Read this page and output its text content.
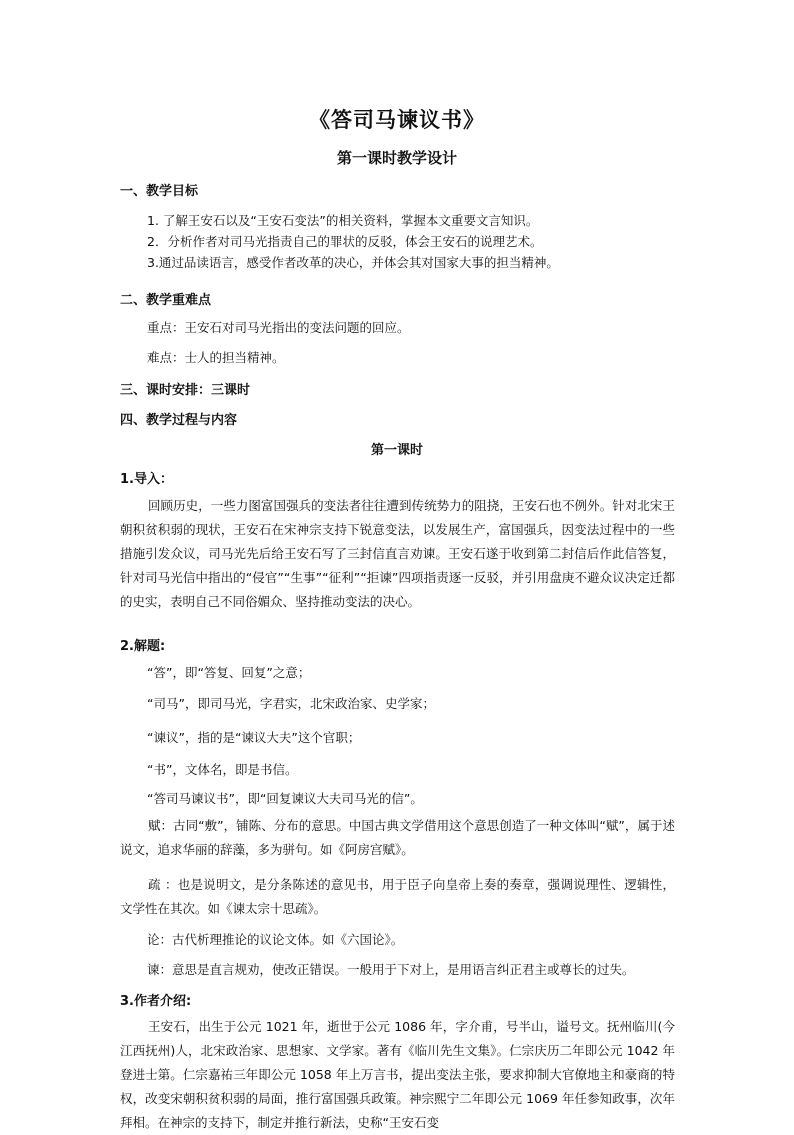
《答司马谏议书》
第一课时教学设计
一、教学目标
1. 了解王安石以及“王安石变法”的相关资料，掌握本文重要文言知识。
2．分析作者对司马光指责自己的罪状的反驳，体会王安石的说理艺术。
3.通过品读语言，感受作者改革的决心，并体会其对国家大事的担当精神。
二、教学重难点
重点：王安石对司马光指出的变法问题的回应。
难点：士人的担当精神。
三、课时安排：三课时
四、教学过程与内容
第一课时
1.导入：
回顾历史，一些力图富国强兵的变法者往往遭到传统势力的阻挠，王安石也不例外。针对北宋王朝积贫积弱的现状，王安石在宋神宗支持下锐意变法，以发展生产，富国强兵，因变法过程中的一些措施引发众议，司马光先后给王安石写了三封信直言劝谏。王安石遂于收到第二封信后作此信答复，针对司马光信中指出的“侵官”“生事”“征利”“拒谏”四项指责逐一反驳，并引用盘庚不避众议决定迁都的史实，表明自己不同俗媚众、坚持推动变法的决心。
2.解题:
“答”，即“答复、回复”之意；
“司马”，即司马光，字君实，北宋政治家、史学家；
“谏议”，指的是“谏议大夫”这个官职；
“书”，文体名，即是书信。
“答司马谏议书”，即“回复谏议大夫司马光的信”。
赋：古同“敷”，铺陈、分布的意思。中国古典文学借用这个意思创造了一种文体叫“赋”，属于述说文，追求华丽的辞藻，多为骈句。如《阿房宫赋》。
疏 ：也是说明文，是分条陈述的意见书，用于臣子向皇帝上奏的奏章，强调说理性、逻辑性，文学性在其次。如《谏太宗十思疏》。
论：古代析理推论的议论文体。如《六国论》。
谏：意思是直言规劝，使改正错误。一般用于下对上，是用语言纠正君主或尊长的过失。
3.作者介绍:
王安石，出生于公元 1021 年，逝世于公元 1086 年，字介甫，号半山，谥号文。抚州临川(今江西抚州)人，北宋政治家、思想家、文学家。著有《临川先生文集》。仁宗庆历二年即公元 1042 年登进士第。仁宗嘉祐三年即公元 1058 年上万言书，提出变法主张，要求抑制大官僚地主和豪商的特权，改变宋朝积贫积弱的局面，推行富国强兵政策。神宗熙宁二年即公元 1069 年任参知政事，次年拜相。在神宗的支持下，制定并推行新法，史称“王安石变
